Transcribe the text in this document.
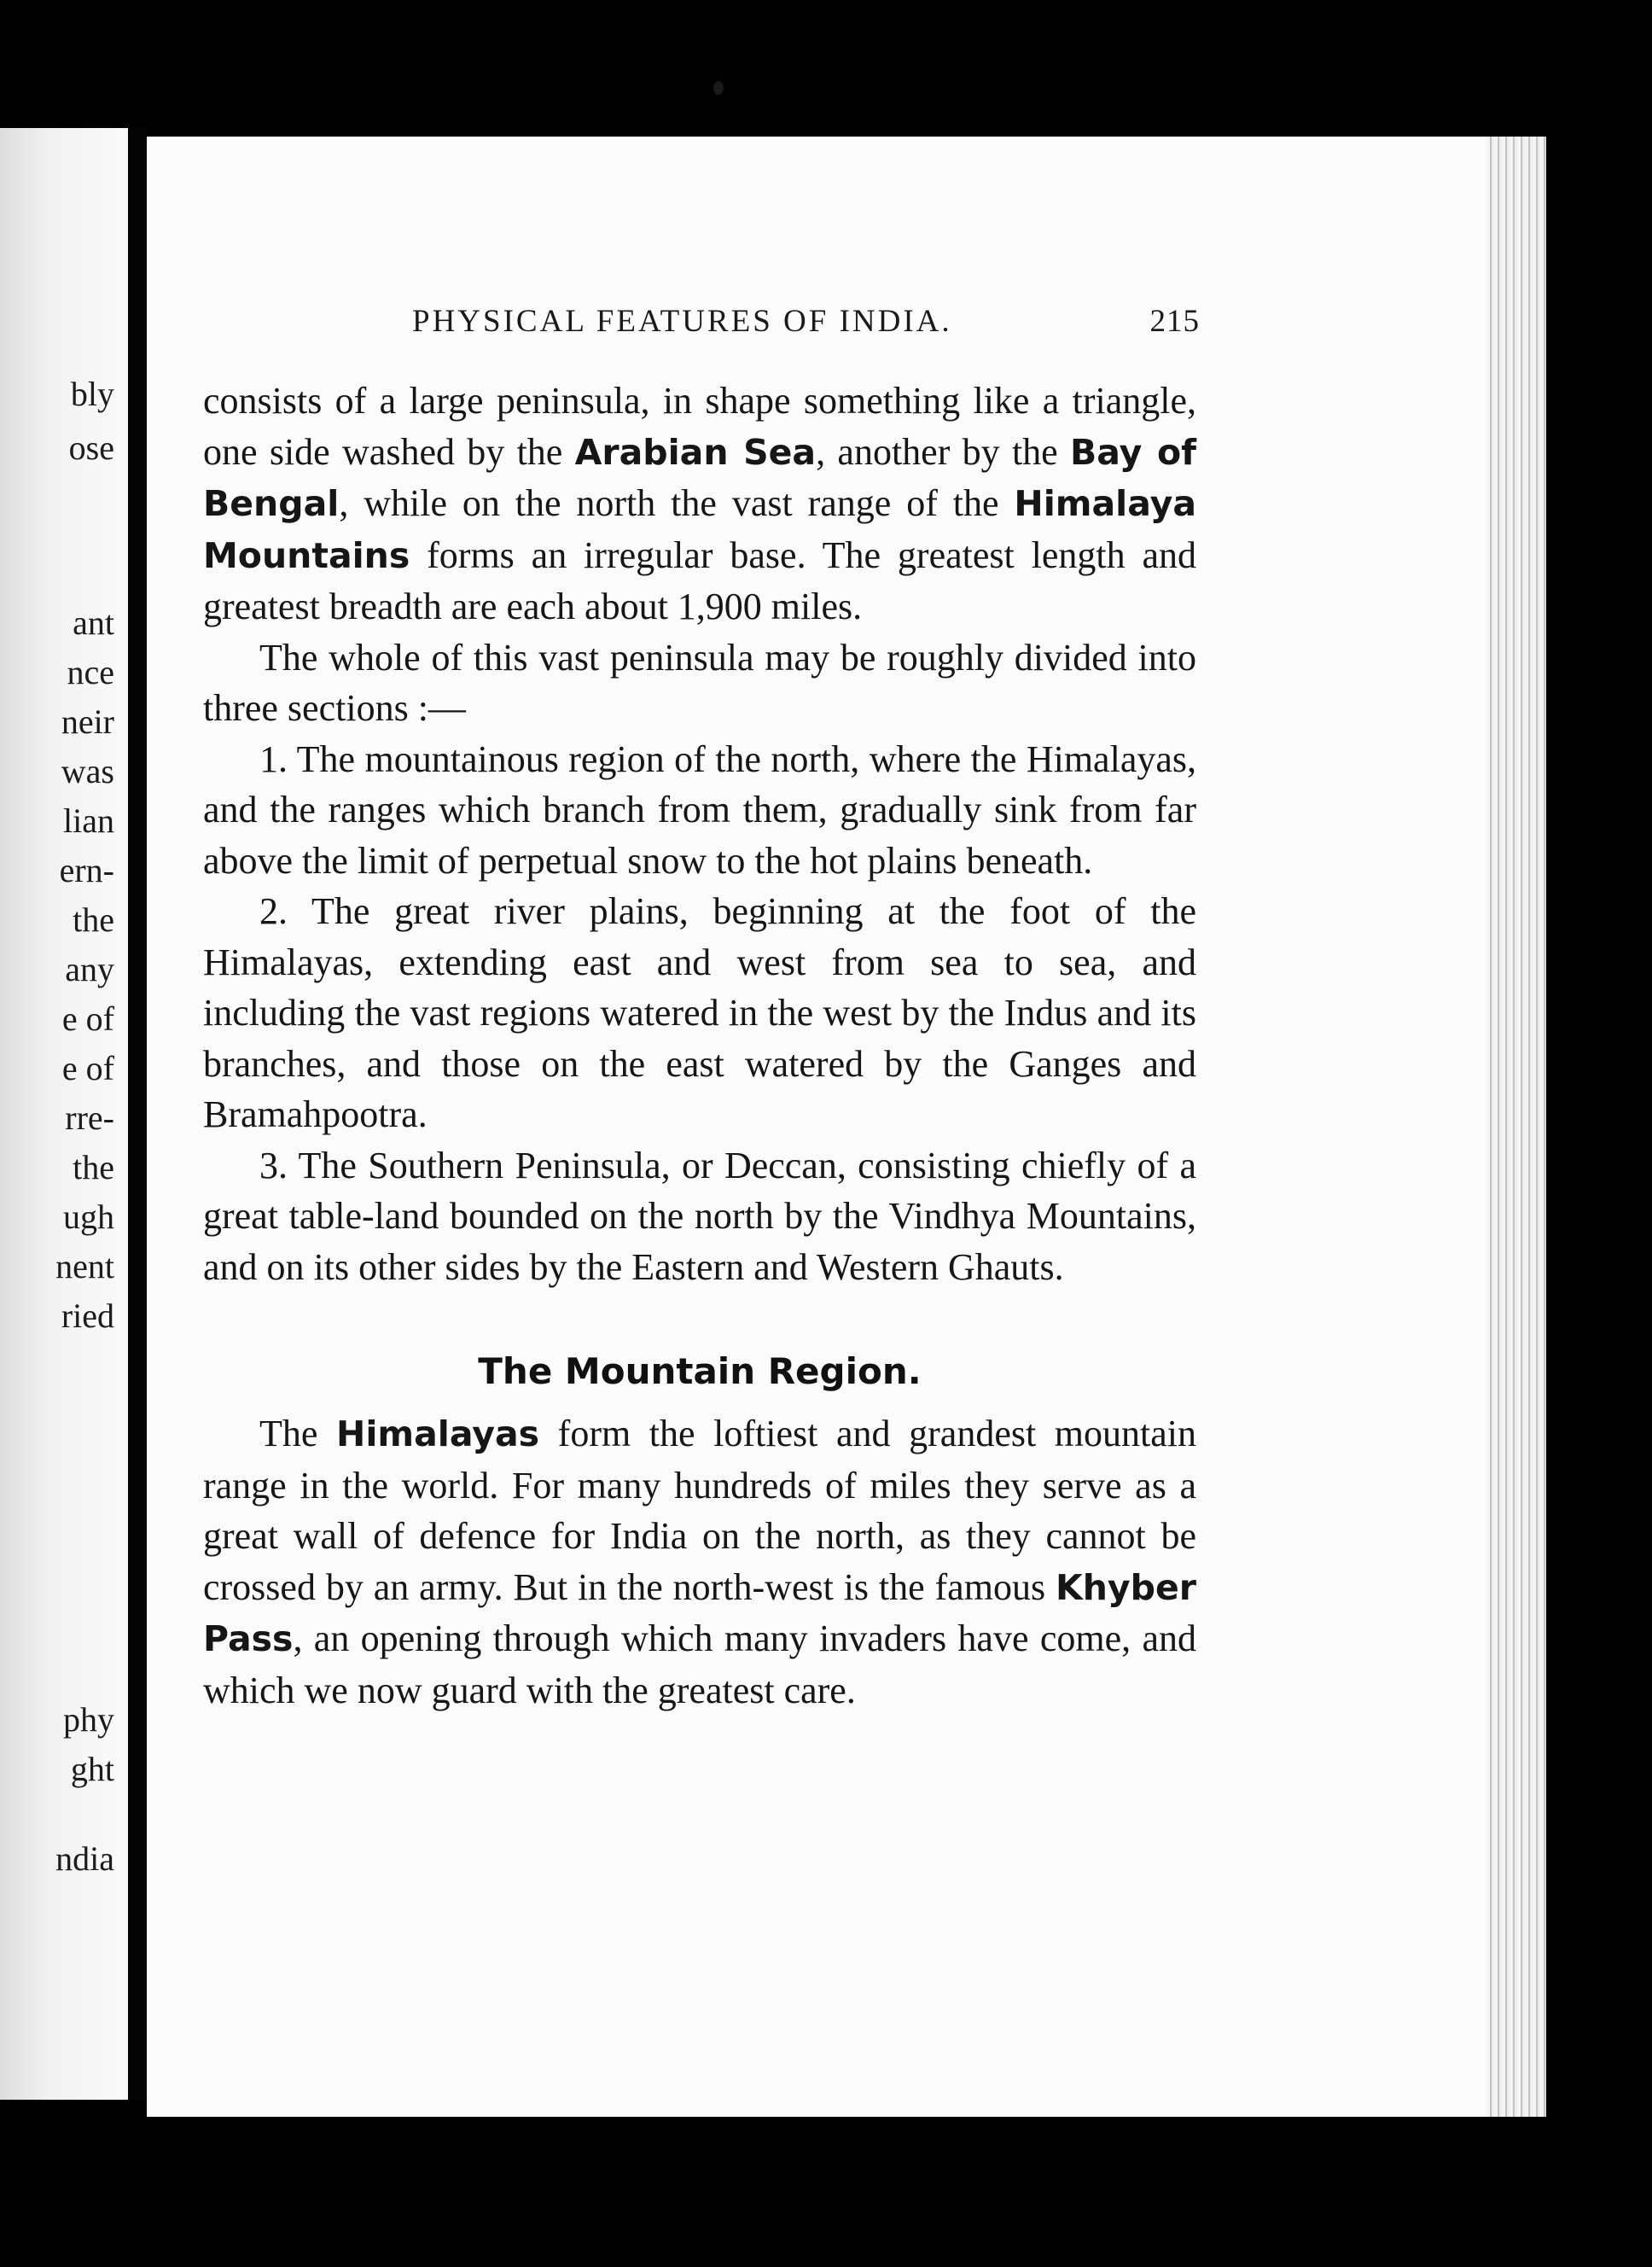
bly
ose
ant
nce
neir
was
lian
ern-
the
any
e of
e of
rre-
the
ugh
nent
ried
phy
ght
ndia
PHYSICAL FEATURES OF INDIA.	215

consists of a large peninsula, in shape something like a triangle, one side washed by the Arabian Sea, another by the Bay of Bengal, while on the north the vast range of the Himalaya Mountains forms an irregular base. The greatest length and greatest breadth are each about 1,900 miles.

The whole of this vast peninsula may be roughly divided into three sections :—

1. The mountainous region of the north, where the Himalayas, and the ranges which branch from them, gradually sink from far above the limit of perpetual snow to the hot plains beneath.

2. The great river plains, beginning at the foot of the Himalayas, extending east and west from sea to sea, and including the vast regions watered in the west by the Indus and its branches, and those on the east watered by the Ganges and Bramahpootra.

3. The Southern Peninsula, or Deccan, consisting chiefly of a great table-land bounded on the north by the Vindhya Mountains, and on its other sides by the Eastern and Western Ghauts.

The Mountain Region.

The Himalayas form the loftiest and grandest mountain range in the world. For many hundreds of miles they serve as a great wall of defence for India on the north, as they cannot be crossed by an army. But in the north-west is the famous Khyber Pass, an opening through which many invaders have come, and which we now guard with the greatest care.
